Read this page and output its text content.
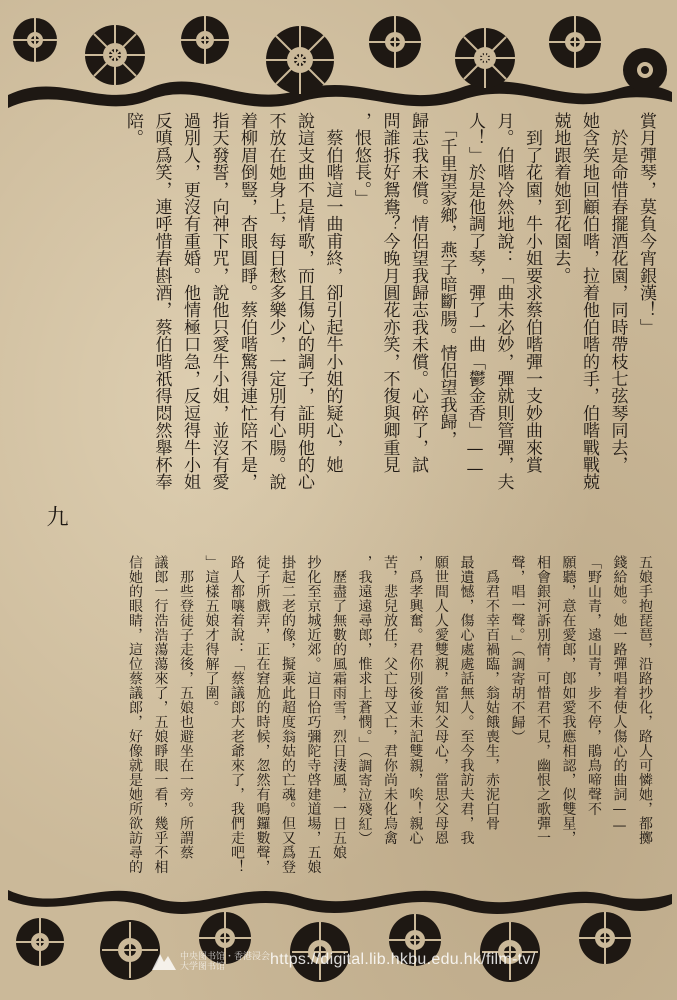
五娘手抱琵琶，沿路抄化，路人可憐她，都擲
錢給她。她一路彈唱着使人傷心的曲詞——
「野山青，遠山青，步不停，鵑鳥啼聲不
願聽，意在愛郎，郎如愛我應相認，似雙星，
相會銀河訴別情，可惜君不見，幽恨之歌彈一
聲，唱一聲。」（調寄胡不歸）
　爲君不幸百禍臨，翁姑餓喪生，赤泥白骨
最遺憾，傷心處處話無人。至今我訪夫君，我
願世間人人愛雙親，當知父母心，當思父母恩
，爲孝興奮。君你別後並未記雙親，唉！親心
苦，悲兒放任，父亡母又亡，君你尚未化烏禽
，我遠遠尋郎，惟求上蒼憫。」（調寄泣殘紅）
　歷盡了無數的風霜雨雪，烈日淒風，一日五娘
抄化至京城近郊。這日恰巧彌陀寺啓建道場，五娘
掛起二老的像，擬乘此超度翁姑的亡魂。但又爲登
徒子所戲弄，正在窘尬的時候，忽然有鳴鑼數聲，
路人都嚷着說：「蔡議郎大老爺來了，我們走吧！
」這樣五娘才得解了圍。
　那些登徒子走後，五娘也避坐在一旁。所謂蔡
議郎一行浩浩蕩蕩來了，五娘睜眼一看，幾乎不相
信她的眼睛，這位蔡議郎，好像就是她所欲訪尋的
賞月彈琴，莫負今宵銀漢！」
　於是命惜春擺酒花園，同時帶枝七弦琴同去，
她含笑地回顧伯喈，拉着他伯喈的手，伯喈戰戰兢
兢地跟着她到花園去。
　到了花園，牛小姐要求蔡伯喈彈一支妙曲來賞
月。伯喈冷然地說：「曲未必妙，彈就則管彈，夫
人！」於是他調了琴，彈了一曲「鬱金香」——
　「千里望家鄉，燕子暗斷腸。情侶望我歸，
歸志我未償。情侶望我歸志我未償。心碎了，試
問誰拆好鴛鴦？今晚月圓花亦笑，不復與卿重見
，恨悠長。」
　蔡伯喈這一曲甫終，卻引起牛小姐的疑心，她
說這支曲不是情歌，而且傷心的調子，証明他的心
不放在她身上，每日愁多樂少，一定別有心腸。說
着柳眉倒豎，杏眼圓睜。蔡伯喈驚得連忙陪不是，
指天發誓，向神下咒，說他只愛牛小姐，並沒有愛
過別人，更沒有重婚。他情極口急，反逗得牛小姐
反嗔爲笑，連呼惜春斟酒，蔡伯喈祇得悶然舉杯奉
陪。
九
中央图书馆・香港浸会大学图书馆	https://digital.lib.hkbu.edu.hk/film-tv/
